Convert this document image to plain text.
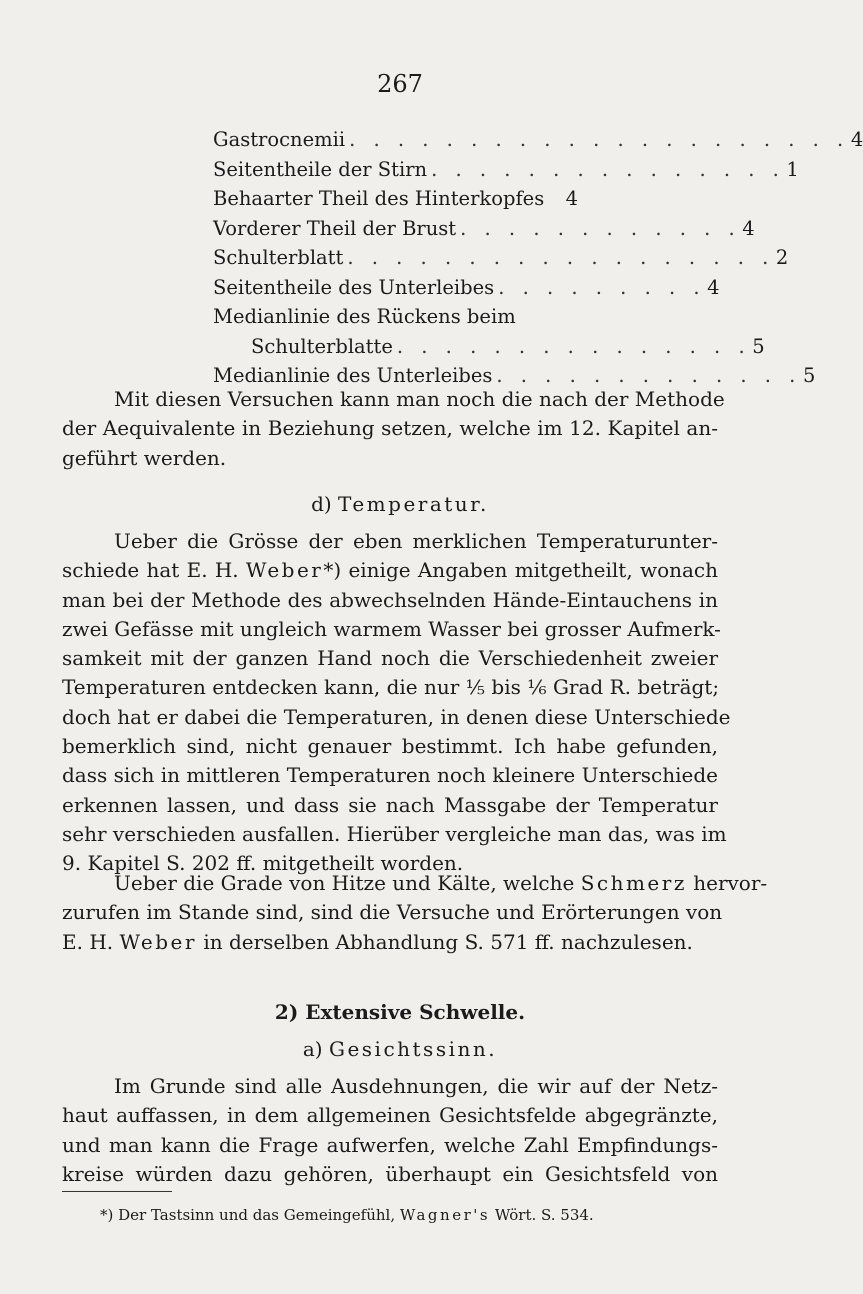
267
Gastrocnemii . . . . . . . . . . . . . . . . . . . . . 4
Seitentheile der Stirn . . . . . . . . . . . . . . . 1
Behaarter Theil des Hinterkopfes 4
Vorderer Theil der Brust . . . . . . . . . . . . 4
Schulterblatt . . . . . . . . . . . . . . . . . . 2
Seitentheile des Unterleibes . . . . . . . . . 4
Medianlinie des Rückens beim
Schulterblatte . . . . . . . . . . . . . . . 5
Medianlinie des Unterleibes . . . . . . . . . . . . . 5
Mit diesen Versuchen kann man noch die nach der Methode
der Aequivalente in Beziehung setzen, welche im 12. Kapitel an-
geführt werden.
d) Temperatur.
Ueber die Grösse der eben merklichen Temperaturunter-
schiede hat E. H. Weber*) einige Angaben mitgetheilt, wonach
man bei der Methode des abwechselnden Hände-Eintauchens in
zwei Gefässe mit ungleich warmem Wasser bei grosser Aufmerk-
samkeit mit der ganzen Hand noch die Verschiedenheit zweier
Temperaturen entdecken kann, die nur ⅕ bis ⅙ Grad R. beträgt;
doch hat er dabei die Temperaturen, in denen diese Unterschiede
bemerklich sind, nicht genauer bestimmt. Ich habe gefunden,
dass sich in mittleren Temperaturen noch kleinere Unterschiede
erkennen lassen, und dass sie nach Massgabe der Temperatur
sehr verschieden ausfallen. Hierüber vergleiche man das, was im
9. Kapitel S. 202 ff. mitgetheilt worden.
Ueber die Grade von Hitze und Kälte, welche Schmerz hervor-
zurufen im Stande sind, sind die Versuche und Erörterungen von
E. H. Weber in derselben Abhandlung S. 571 ff. nachzulesen.
2) Extensive Schwelle.
a) Gesichtssinn.
Im Grunde sind alle Ausdehnungen, die wir auf der Netz-
haut auffassen, in dem allgemeinen Gesichtsfelde abgegränzte,
und man kann die Frage aufwerfen, welche Zahl Empfindungs-
kreise würden dazu gehören, überhaupt ein Gesichtsfeld von
*) Der Tastsinn und das Gemeingefühl, Wagner's Wört. S. 534.
